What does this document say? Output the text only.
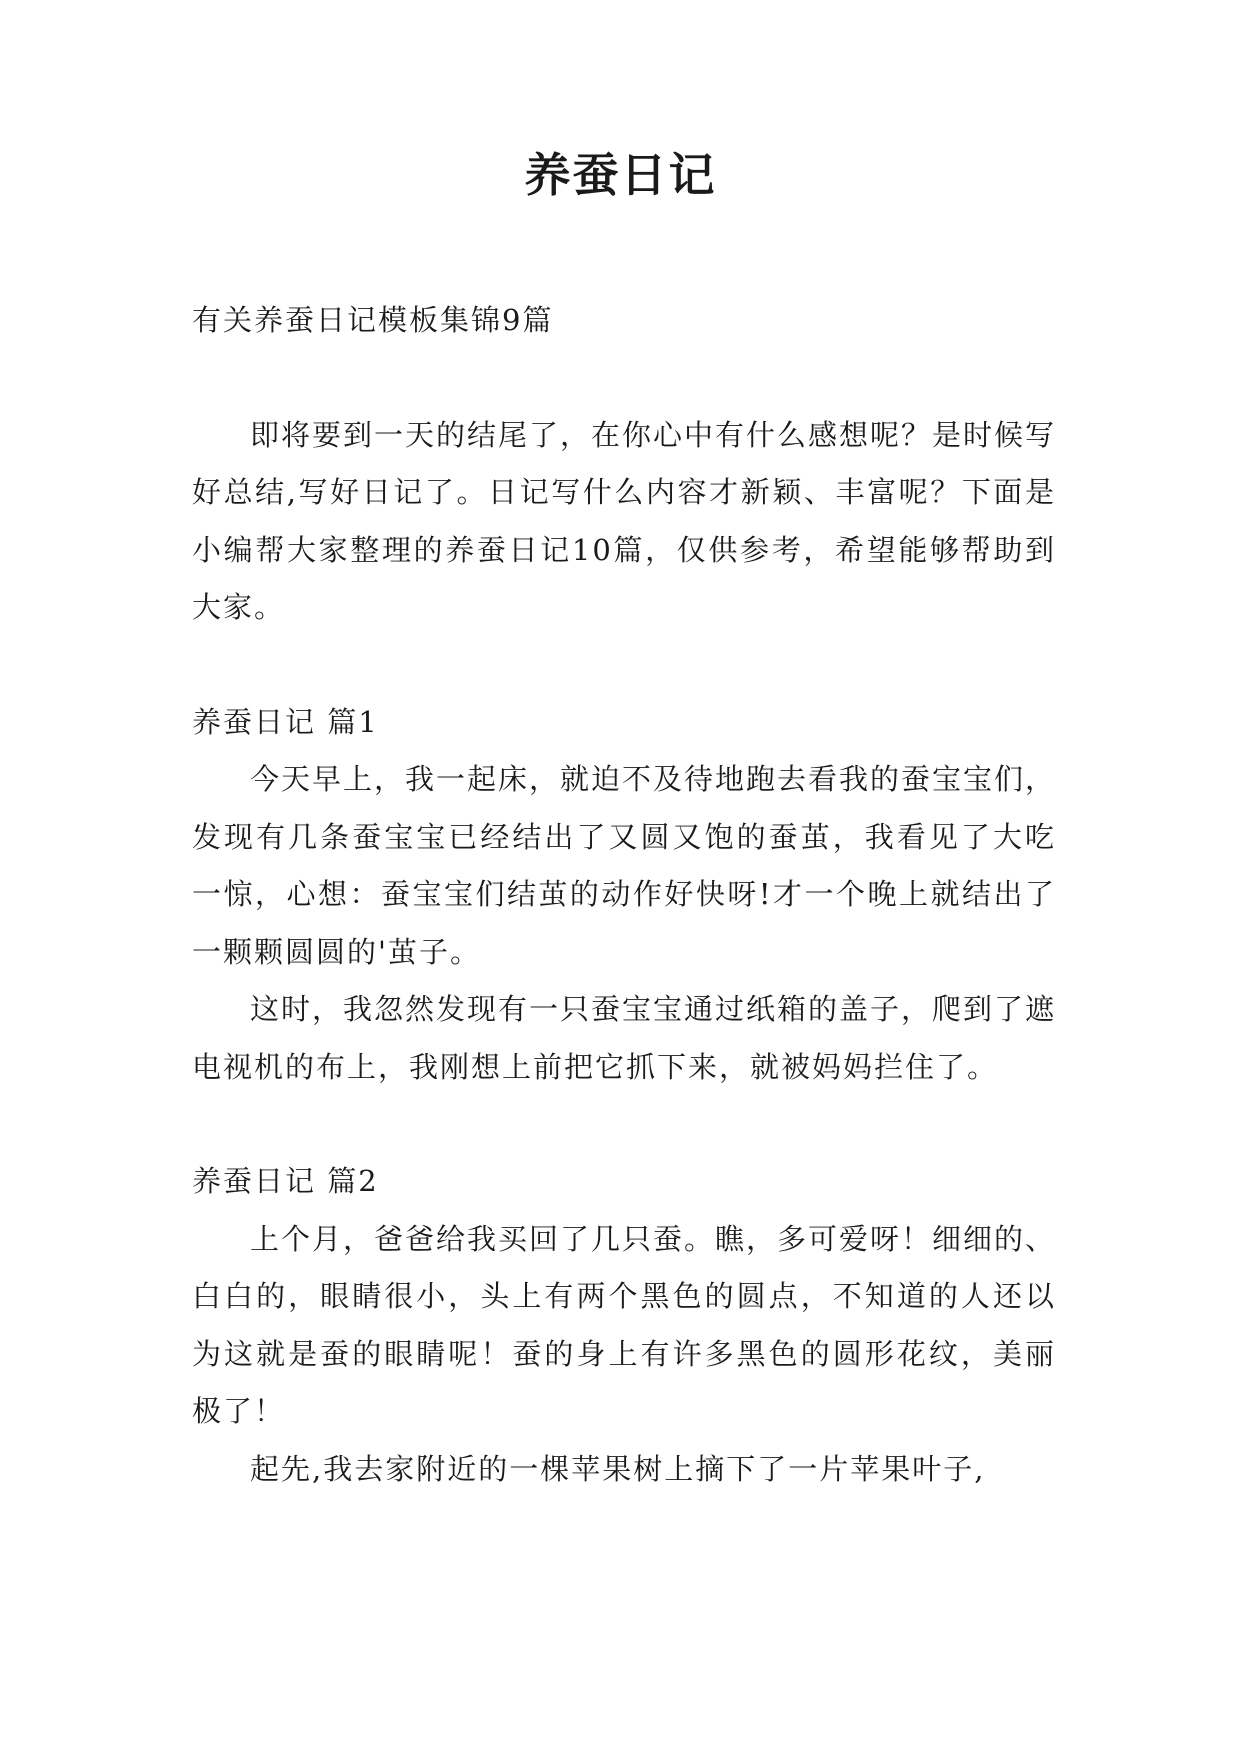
养蚕日记

有关养蚕日记模板集锦9篇

即将要到一天的结尾了，在你心中有什么感想呢？是时候写好总结,写好日记了。日记写什么内容才新颖、丰富呢？下面是小编帮大家整理的养蚕日记10篇，仅供参考，希望能够帮助到大家。

养蚕日记 篇1

今天早上，我一起床，就迫不及待地跑去看我的蚕宝宝们，发现有几条蚕宝宝已经结出了又圆又饱的蚕茧，我看见了大吃一惊，心想：蚕宝宝们结茧的动作好快呀!才一个晚上就结出了一颗颗圆圆的'茧子。

这时，我忽然发现有一只蚕宝宝通过纸箱的盖子，爬到了遮电视机的布上，我刚想上前把它抓下来，就被妈妈拦住了。

养蚕日记 篇2

上个月，爸爸给我买回了几只蚕。瞧，多可爱呀！细细的、白白的，眼睛很小，头上有两个黑色的圆点，不知道的人还以为这就是蚕的眼睛呢！蚕的身上有许多黑色的圆形花纹，美丽极了！

起先,我去家附近的一棵苹果树上摘下了一片苹果叶子,
